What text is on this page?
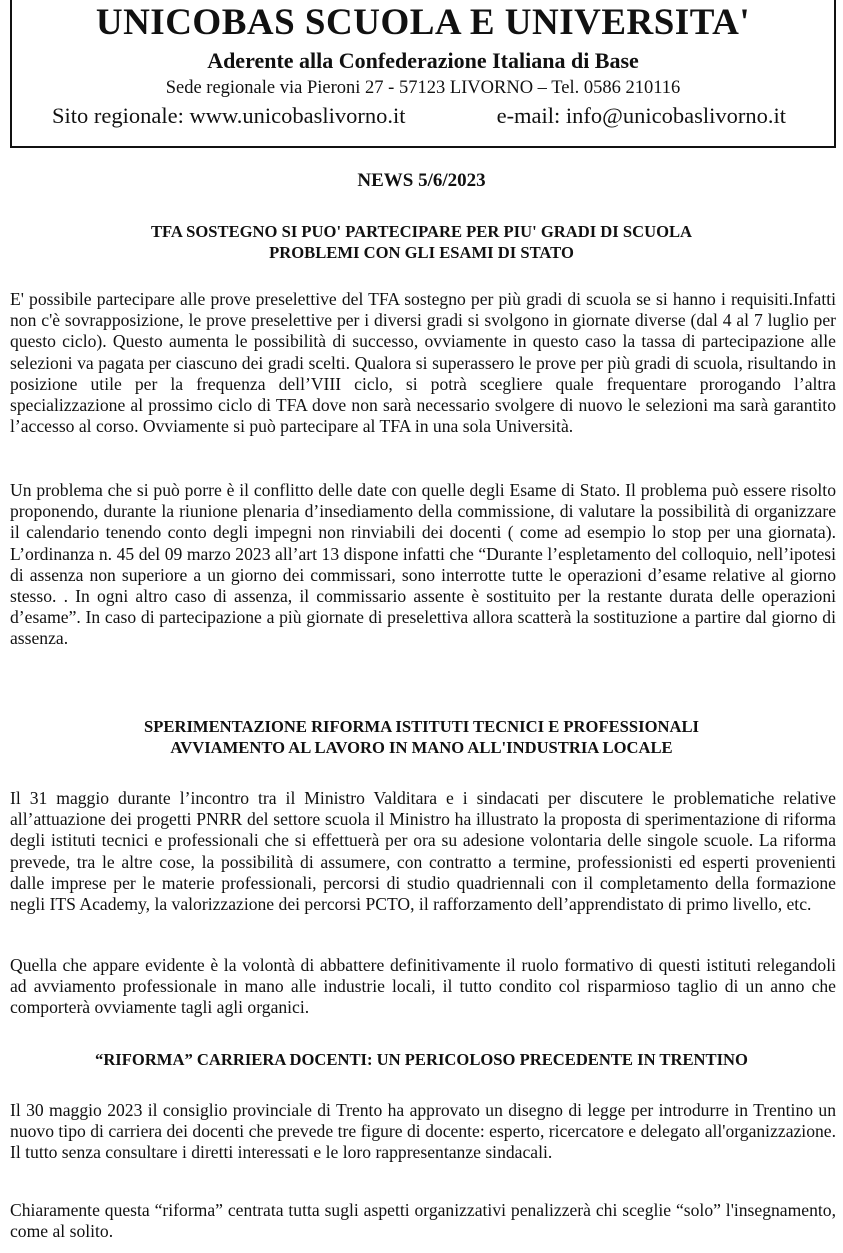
UNICOBAS SCUOLA E UNIVERSITA'
Aderente alla Confederazione Italiana di Base
Sede regionale via Pieroni 27 - 57123 LIVORNO – Tel. 0586 210116
Sito regionale: www.unicobaslivorno.it	e-mail: info@unicobaslivorno.it
NEWS 5/6/2023
TFA SOSTEGNO SI PUO' PARTECIPARE PER PIU' GRADI DI SCUOLA
PROBLEMI CON GLI ESAMI DI STATO

E' possibile partecipare alle prove preselettive del TFA sostegno per più gradi di scuola se si hanno i requisiti.Infatti non c'è sovrapposizione, le prove preselettive per i diversi gradi si svolgono in giornate diverse (dal 4 al 7 luglio per questo ciclo). Questo aumenta le possibilità di successo, ovviamente in questo caso la tassa di partecipazione alle selezioni va pagata per ciascuno dei gradi scelti. Qualora si superassero le prove per più gradi di scuola, risultando in posizione utile per la frequenza dell’VIII ciclo, si potrà scegliere quale frequentare prorogando l’altra specializzazione al prossimo ciclo di TFA dove non sarà necessario svolgere di nuovo le selezioni ma sarà garantito l’accesso al corso. Ovviamente si può partecipare al TFA in una sola Università.

Un problema che si può porre è il conflitto delle date con quelle degli Esame di Stato. Il problema può essere risolto proponendo, durante la riunione plenaria d’insediamento della commissione, di valutare la possibilità di organizzare il calendario tenendo conto degli impegni non rinviabili dei docenti ( come ad esempio lo stop per una giornata). L’ordinanza n. 45 del 09 marzo 2023 all’art 13 dispone infatti che “Durante l’espletamento del colloquio, nell’ipotesi di assenza non superiore a un giorno dei commissari, sono interrotte tutte le operazioni d’esame relative al giorno stesso. . In ogni altro caso di assenza, il commissario assente è sostituito per la restante durata delle operazioni d’esame”. In caso di partecipazione a più giornate di preselettiva allora scatterà la sostituzione a partire dal giorno di assenza.

SPERIMENTAZIONE RIFORMA ISTITUTI TECNICI E PROFESSIONALI
AVVIAMENTO AL LAVORO IN MANO ALL'INDUSTRIA LOCALE

Il 31 maggio durante l’incontro tra il Ministro Valditara e i sindacati per discutere le problematiche relative all’attuazione dei progetti PNRR del settore scuola il Ministro ha illustrato la proposta di sperimentazione di riforma degli istituti tecnici e professionali che si effettuerà per ora su adesione volontaria delle singole scuole. La riforma prevede, tra le altre cose, la possibilità di assumere, con contratto a termine, professionisti ed esperti provenienti dalle imprese per le materie professionali, percorsi di studio quadriennali con il completamento della formazione negli ITS Academy, la valorizzazione dei percorsi PCTO, il rafforzamento dell’apprendistato di primo livello, etc.

Quella che appare evidente è la volontà di abbattere definitivamente il ruolo formativo di questi istituti relegandoli ad avviamento professionale in mano alle industrie locali, il tutto condito col risparmioso taglio di un anno che comporterà ovviamente tagli agli organici.

“RIFORMA” CARRIERA DOCENTI: UN PERICOLOSO PRECEDENTE IN TRENTINO

Il 30 maggio 2023 il consiglio provinciale di Trento ha approvato un disegno di legge per introdurre in Trentino un nuovo tipo di carriera dei docenti che prevede tre figure di docente: esperto, ricercatore e delegato all'organizzazione. Il tutto senza consultare i diretti interessati e le loro rappresentanze sindacali.

Chiaramente questa “riforma” centrata tutta sugli aspetti organizzativi penalizzerà chi sceglie “solo” l'insegnamento, come al solito.
